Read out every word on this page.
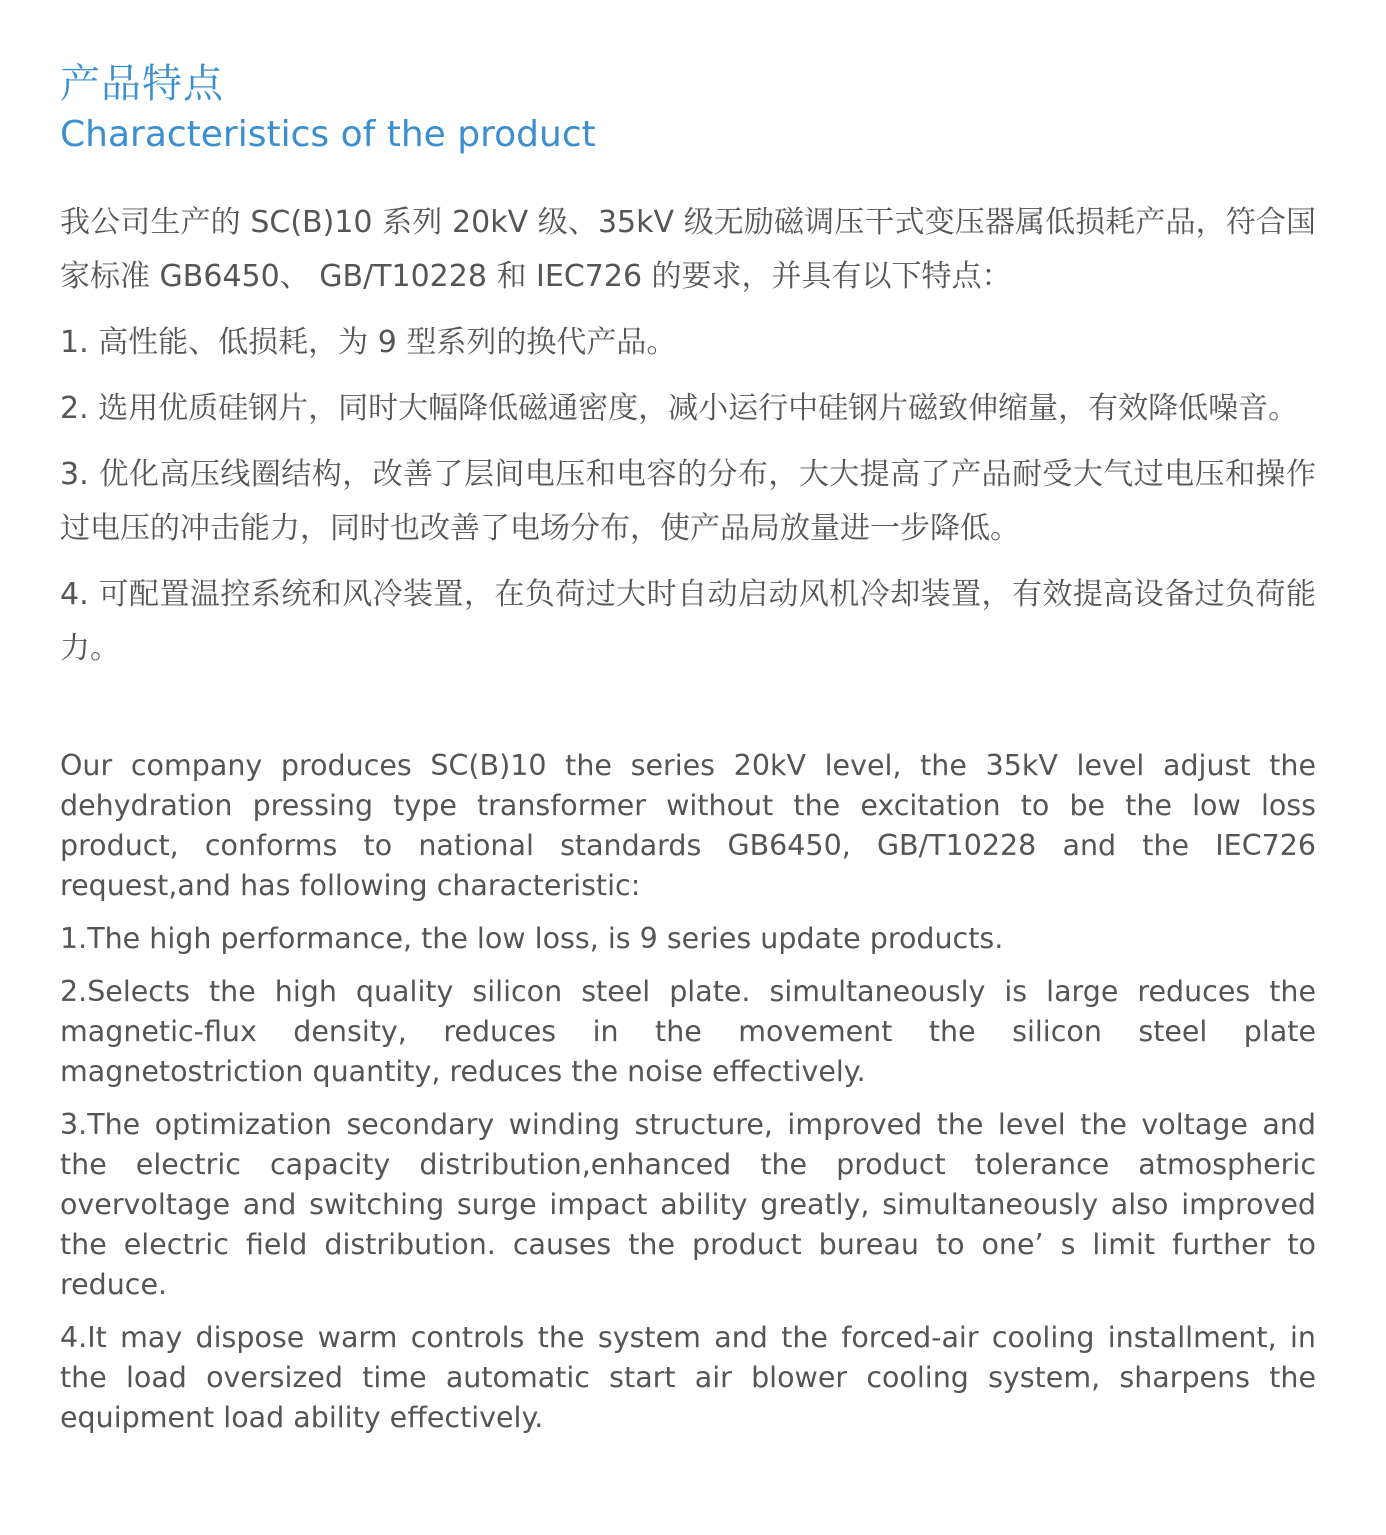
产品特点
Characteristics of the product

我公司生产的 SC(B)10 系列 20kV 级、35kV 级无励磁调压干式变压器属低损耗产品，符合国家标准 GB6450、 GB/T10228 和 IEC726 的要求，并具有以下特点：

1. 高性能、低损耗，为 9 型系列的换代产品。

2. 选用优质硅钢片，同时大幅降低磁通密度，减小运行中硅钢片磁致伸缩量，有效降低噪音。

3. 优化高压线圈结构，改善了层间电压和电容的分布，大大提高了产品耐受大气过电压和操作过电压的冲击能力，同时也改善了电场分布，使产品局放量进一步降低。

4. 可配置温控系统和风冷装置，在负荷过大时自动启动风机冷却装置，有效提高设备过负荷能力。

Our company produces SC(B)10 the series 20kV level, the 35kV level adjust the dehydration pressing type transformer without the excitation to be the low loss product, conforms to national standards GB6450, GB/T10228 and the IEC726 request,and has following characteristic:

1.The high performance, the low loss, is 9 series update products.

2.Selects the high quality silicon steel plate. simultaneously is large reduces the magnetic-flux density, reduces in the movement the silicon steel plate magnetostriction quantity, reduces the noise effectively.

3.The optimization secondary winding structure, improved the level the voltage and the electric capacity distribution,enhanced the product tolerance atmospheric overvoltage and switching surge impact ability greatly, simultaneously also improved the electric field distribution. causes the product bureau to one’ s limit further to reduce.

4.It may dispose warm controls the system and the forced-air cooling installment, in the load oversized time automatic start air blower cooling system, sharpens the equipment load ability effectively.
